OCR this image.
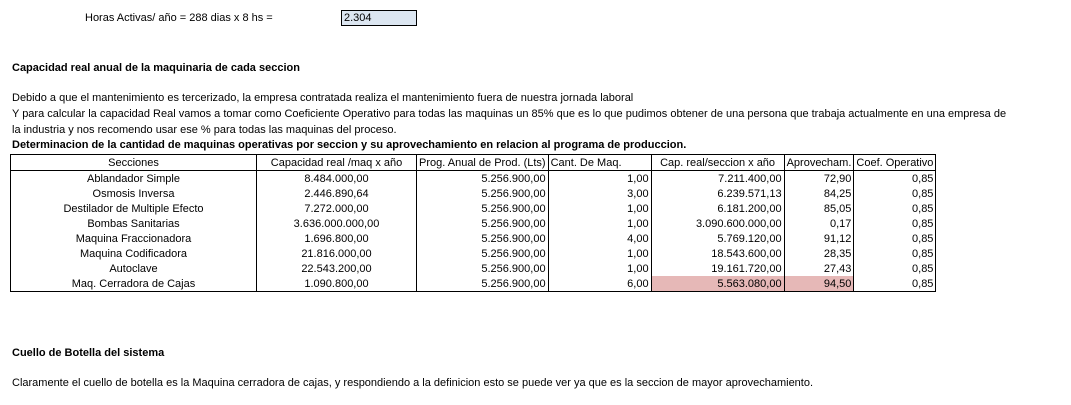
Horas Activas/ año = 288 dias x 8 hs =	2.304
Capacidad real anual de la maquinaria de cada seccion
Debido a que el mantenimiento es tercerizado, la empresa contratada realiza el mantenimiento fuera de nuestra jornada laboral
Y para calcular la capacidad Real vamos a tomar como Coeficiente Operativo para todas las maquinas un 85% que es lo que pudimos obtener de una persona que trabaja actualmente en una empresa de
la industria y nos recomendo usar ese % para todas las maquinas del proceso.
Determinacion de la cantidad de maquinas operativas por seccion y su aprovechamiento en relacion al programa de produccion.
Secciones	Capacidad real /maq x año	Prog. Anual de Prod. (Lts)	Cant. De Maq.	Cap. real/seccion x año	Aprovecham.	Coef. Operativo
Ablandador Simple	8.484.000,00	5.256.900,00	1,00	7.211.400,00	72,90	0,85
Osmosis Inversa	2.446.890,64	5.256.900,00	3,00	6.239.571,13	84,25	0,85
Destilador de Multiple Efecto	7.272.000,00	5.256.900,00	1,00	6.181.200,00	85,05	0,85
Bombas Sanitarias	3.636.000.000,00	5.256.900,00	1,00	3.090.600.000,00	0,17	0,85
Maquina Fraccionadora	1.696.800,00	5.256.900,00	4,00	5.769.120,00	91,12	0,85
Maquina Codificadora	21.816.000,00	5.256.900,00	1,00	18.543.600,00	28,35	0,85
Autoclave	22.543.200,00	5.256.900,00	1,00	19.161.720,00	27,43	0,85
Maq. Cerradora de Cajas	1.090.800,00	5.256.900,00	6,00	5.563.080,00	94,50	0,85
Cuello de Botella del sistema
Claramente el cuello de botella es la Maquina cerradora de cajas, y respondiendo a la definicion esto se puede ver ya que es la seccion de mayor aprovechamiento.
